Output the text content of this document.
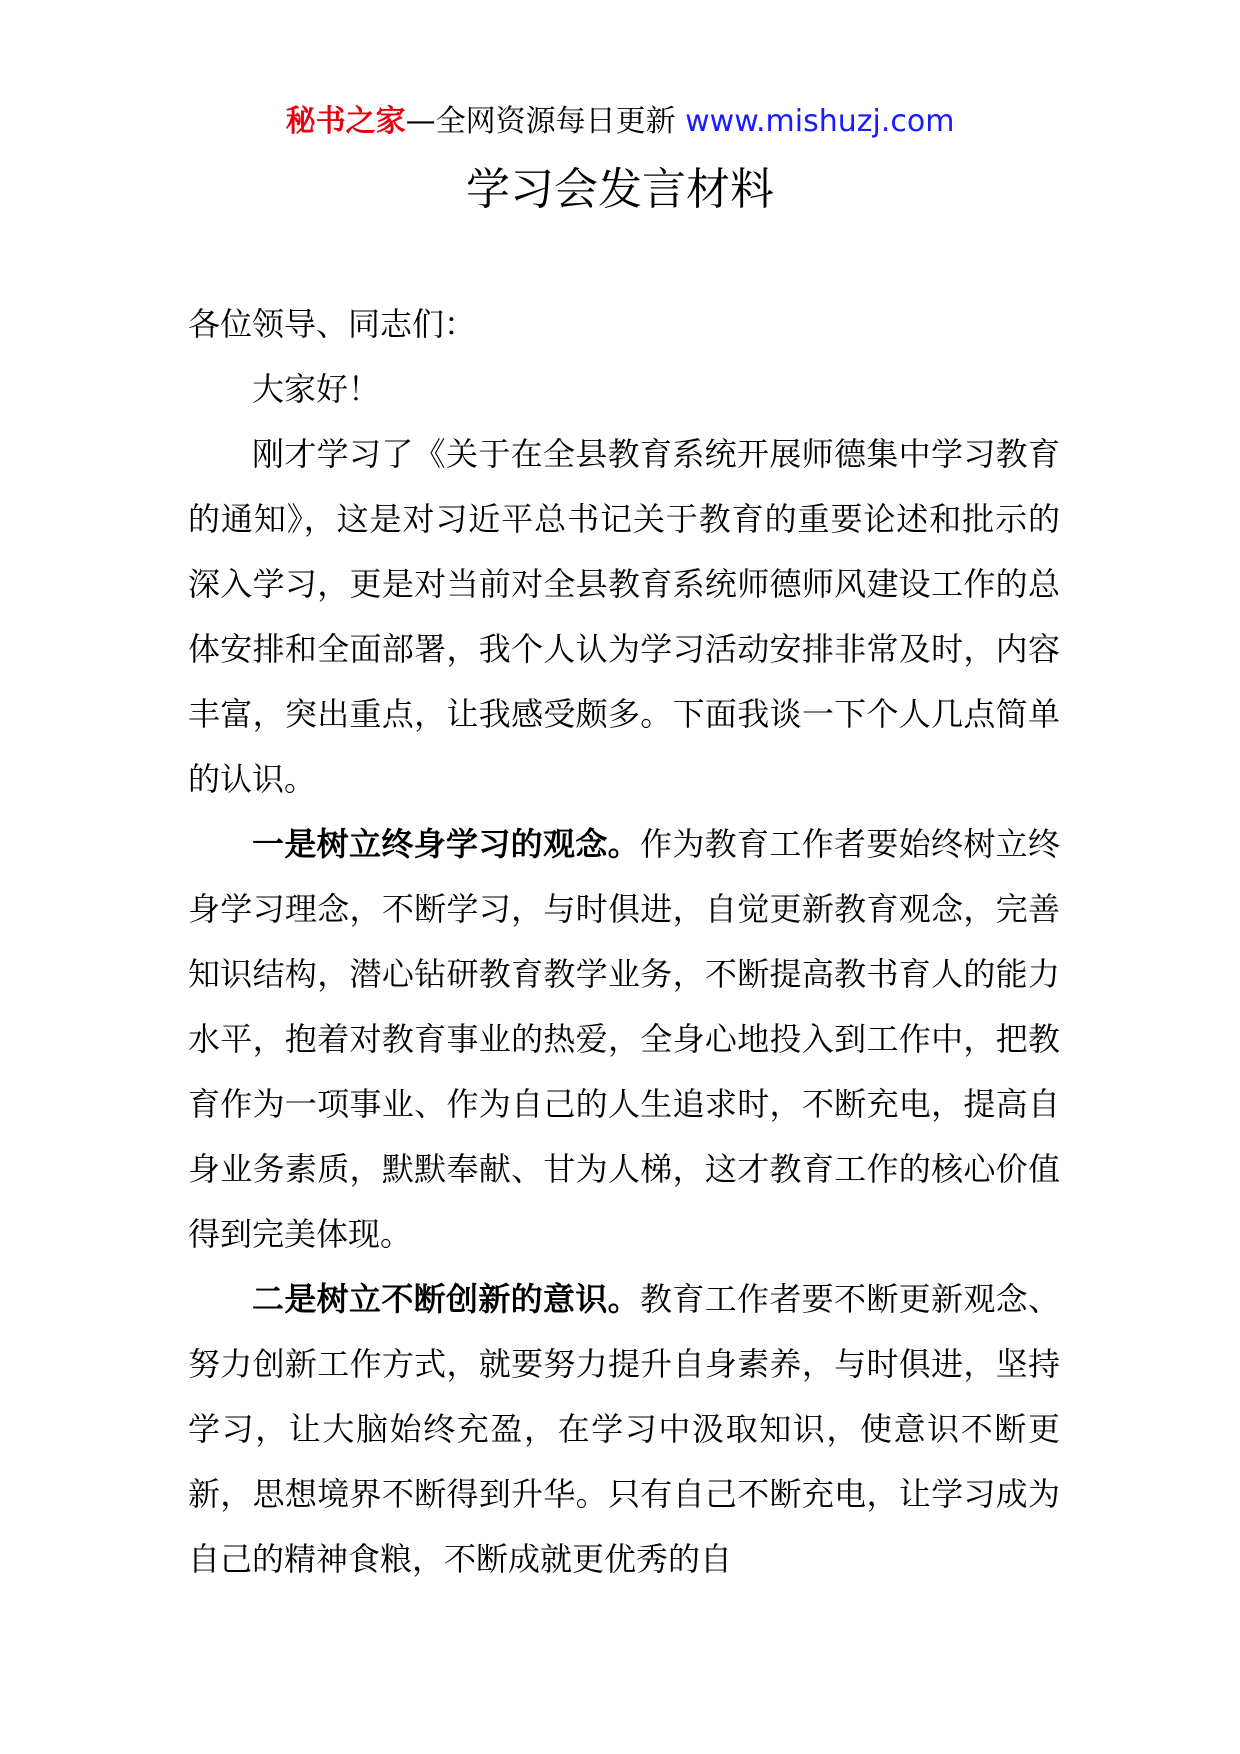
秘书之家—全网资源每日更新 www.mishuzj.com
学习会发言材料

各位领导、同志们：

大家好！

刚才学习了《关于在全县教育系统开展师德集中学习教育的通知》，这是对习近平总书记关于教育的重要论述和批示的深入学习，更是对当前对全县教育系统师德师风建设工作的总体安排和全面部署，我个人认为学习活动安排非常及时，内容丰富，突出重点，让我感受颇多。下面我谈一下个人几点简单的认识。

一是树立终身学习的观念。作为教育工作者要始终树立终身学习理念，不断学习，与时俱进，自觉更新教育观念，完善知识结构，潜心钻研教育教学业务，不断提高教书育人的能力水平，抱着对教育事业的热爱，全身心地投入到工作中，把教育作为一项事业、作为自己的人生追求时，不断充电，提高自身业务素质，默默奉献、甘为人梯，这才教育工作的核心价值得到完美体现。

二是树立不断创新的意识。教育工作者要不断更新观念、努力创新工作方式，就要努力提升自身素养，与时俱进，坚持学习，让大脑始终充盈，在学习中汲取知识，使意识不断更新，思想境界不断得到升华。只有自己不断充电，让学习成为自己的精神食粮，不断成就更优秀的自
